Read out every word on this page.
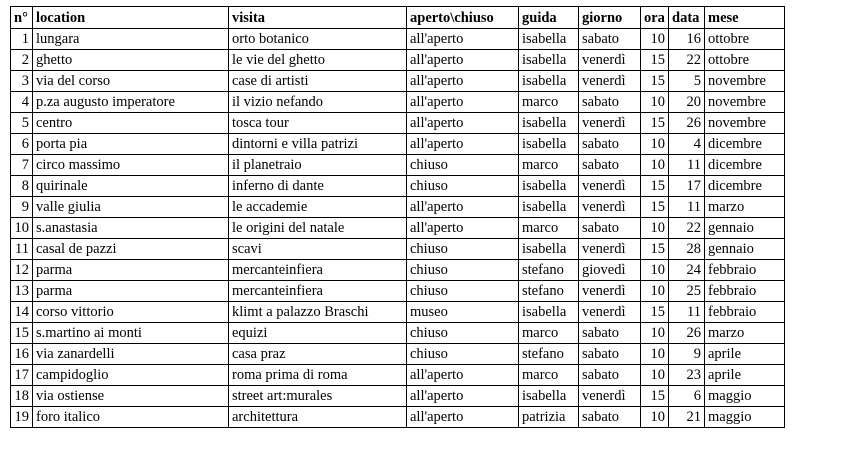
n°	location	visita	aperto\chiuso	guida	giorno	ora	data	mese
1	lungara	orto botanico	all'aperto	isabella	sabato	10	16	ottobre
2	ghetto	le vie del ghetto	all'aperto	isabella	venerdì	15	22	ottobre
3	via del corso	case di artisti	all'aperto	isabella	venerdì	15	5	novembre
4	p.za augusto imperatore	il vizio nefando	all'aperto	marco	sabato	10	20	novembre
5	centro	tosca tour	all'aperto	isabella	venerdì	15	26	novembre
6	porta pia	dintorni e villa patrizi	all'aperto	isabella	sabato	10	4	dicembre
7	circo massimo	il planetraio	chiuso	marco	sabato	10	11	dicembre
8	quirinale	inferno di dante	chiuso	isabella	venerdì	15	17	dicembre
9	valle giulia	le accademie	all'aperto	isabella	venerdì	15	11	marzo
10	s.anastasia	le origini del natale	all'aperto	marco	sabato	10	22	gennaio
11	casal de pazzi	scavi	chiuso	isabella	venerdì	15	28	gennaio
12	parma	mercanteinfiera	chiuso	stefano	giovedì	10	24	febbraio
13	parma	mercanteinfiera	chiuso	stefano	venerdì	10	25	febbraio
14	corso vittorio	klimt a palazzo Braschi	museo	isabella	venerdì	15	11	febbraio
15	s.martino ai monti	equizi	chiuso	marco	sabato	10	26	marzo
16	via zanardelli	casa praz	chiuso	stefano	sabato	10	9	aprile
17	campidoglio	roma prima di roma	all'aperto	marco	sabato	10	23	aprile
18	via ostiense	street art:murales	all'aperto	isabella	venerdì	15	6	maggio
19	foro italico	architettura	all'aperto	patrizia	sabato	10	21	maggio
